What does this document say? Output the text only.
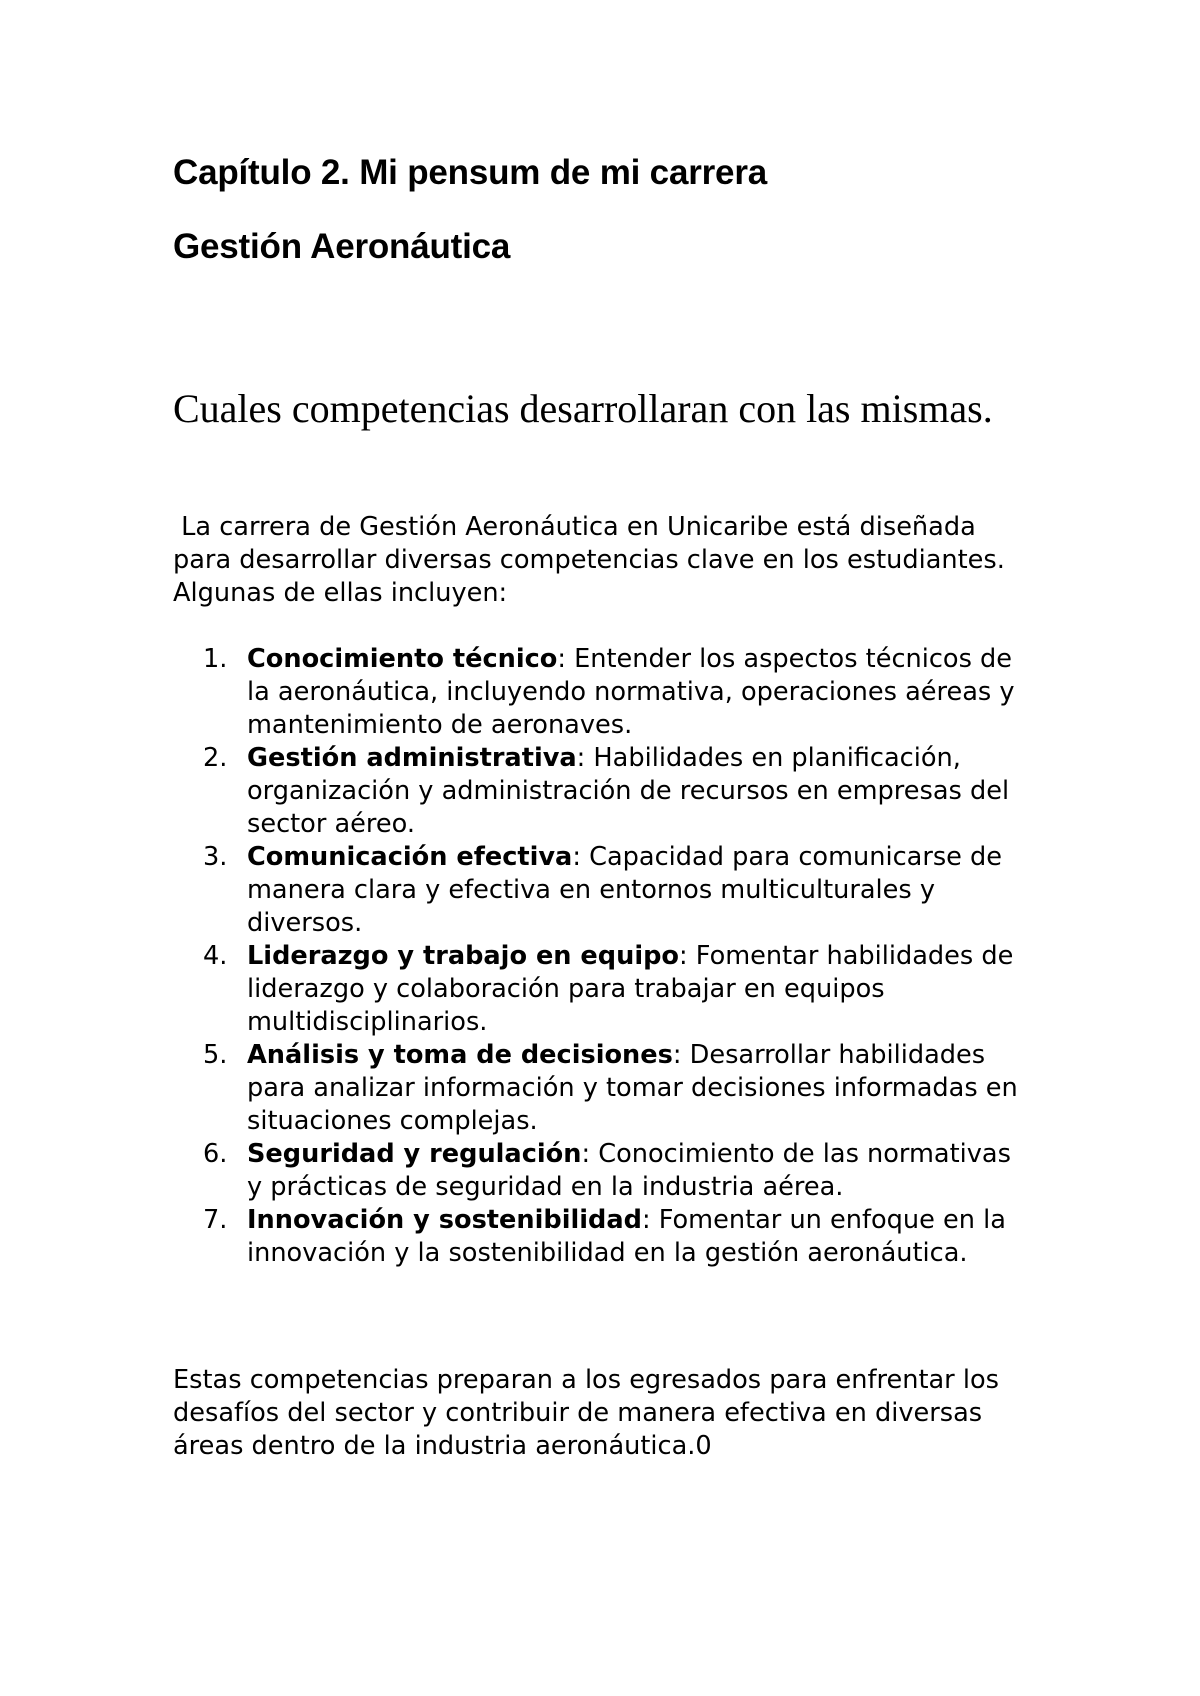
Capítulo 2. Mi pensum de mi carrera
Gestión Aeronáutica
Cuales competencias desarrollaran con las mismas.

La carrera de Gestión Aeronáutica en Unicaribe está diseñada para desarrollar diversas competencias clave en los estudiantes. Algunas de ellas incluyen:

1. Conocimiento técnico: Entender los aspectos técnicos de la aeronáutica, incluyendo normativa, operaciones aéreas y mantenimiento de aeronaves.
2. Gestión administrativa: Habilidades en planificación, organización y administración de recursos en empresas del sector aéreo.
3. Comunicación efectiva: Capacidad para comunicarse de manera clara y efectiva en entornos multiculturales y diversos.
4. Liderazgo y trabajo en equipo: Fomentar habilidades de liderazgo y colaboración para trabajar en equipos multidisciplinarios.
5. Análisis y toma de decisiones: Desarrollar habilidades para analizar información y tomar decisiones informadas en situaciones complejas.
6. Seguridad y regulación: Conocimiento de las normativas y prácticas de seguridad en la industria aérea.
7. Innovación y sostenibilidad: Fomentar un enfoque en la innovación y la sostenibilidad en la gestión aeronáutica.

Estas competencias preparan a los egresados para enfrentar los desafíos del sector y contribuir de manera efectiva en diversas áreas dentro de la industria aeronáutica.0
